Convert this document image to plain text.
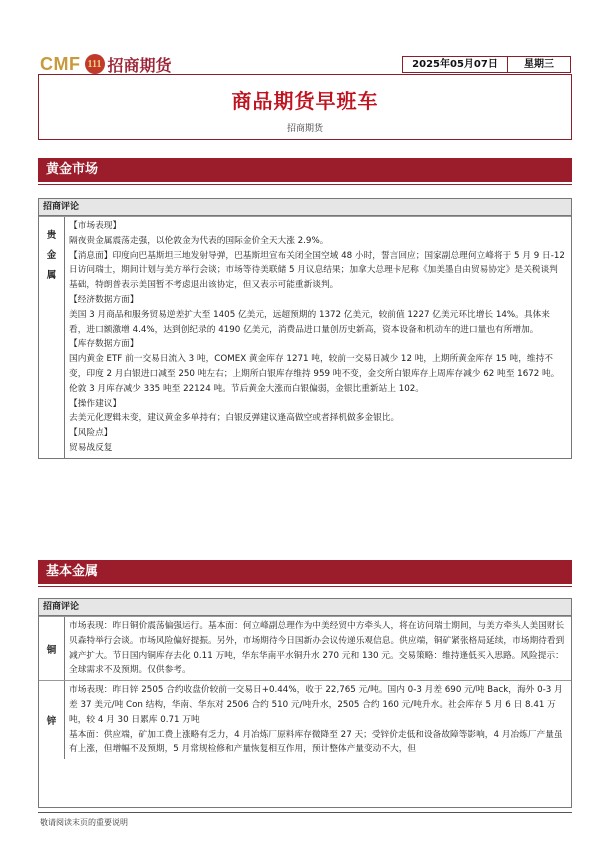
CMF 111 招商期货	2025年05月07日	星期三
商品期货早班车
招商期货
黄金市场
招商评论
贵
金
属

【市场表现】

隔夜贵金属震荡走强，以伦敦金为代表的国际金价全天大涨 2.9%。

【消息面】印度向巴基斯坦三地发射导弹，巴基斯坦宣布关闭全国空域 48 小时，誓言回应；国家副总理何立峰将于 5 月 9 日-12 日访问瑞士，期间计划与美方举行会谈；市场等待美联储 5 月议息结果；加拿大总理卡尼称《加美墨自由贸易协定》是关税谈判基础，特朗普表示美国暂不考虑退出该协定，但又表示可能重新谈判。

【经济数据方面】

美国 3 月商品和服务贸易逆差扩大至 1405 亿美元，远超预期的 1372 亿美元，较前值 1227 亿美元环比增长 14%。具体来看，进口额激增 4.4%，达到创纪录的 4190 亿美元，消费品进口量创历史新高，资本设备和机动车的进口量也有所增加。

【库存数据方面】

国内黄金 ETF 前一交易日流入 3 吨，COMEX 黄金库存 1271 吨，较前一交易日减少 12 吨，上期所黄金库存 15 吨，维持不变，印度 2 月白银进口减至 250 吨左右；上期所白银库存维持 959 吨不变，金交所白银库存上周库存减少 62 吨至 1672 吨。伦敦 3 月库存减少 335 吨至 22124 吨。节后黄金大涨而白银偏弱，金银比重新站上 102。

【操作建议】

去美元化逻辑未变，建议黄金多单持有；白银反弹建议逢高做空或者择机做多金银比。

【风险点】

贸易战反复

基本金属
招商评论
铜

市场表现：昨日铜价震荡偏强运行。基本面：何立峰副总理作为中美经贸中方牵头人，将在访问瑞士期间，与美方牵头人美国财长贝森特举行会谈。市场风险偏好提振。另外，市场期待今日国新办会议传递乐观信息。供应端，铜矿紧张格局延续，市场期待看到减产扩大。节日国内铜库存去化 0.11 万吨，华东华南平水铜升水 270 元和 130 元。交易策略：维持逢低买入思路。风险提示：全球需求不及预期。仅供参考。

锌

市场表现：昨日锌 2505 合约收盘价较前一交易日+0.44%，收于 22,765 元/吨。国内 0-3 月差 690 元/吨 Back，海外 0-3 月差 37 美元/吨 Con 结构，华南、华东对 2506 合约 510 元/吨升水，2505 合约 160 元/吨升水。社会库存 5 月 6 日 8.41 万吨，较 4 月 30 日累库 0.71 万吨

基本面：供应端，矿加工费上涨略有乏力，4 月冶炼厂原料库存微降至 27 天；受锌价走低和设备故障等影响，4 月冶炼厂产量虽有上涨，但增幅不及预期，5 月常规检修和产量恢复相互作用，预计整体产量变动不大，但

敬请阅读末页的重要说明
